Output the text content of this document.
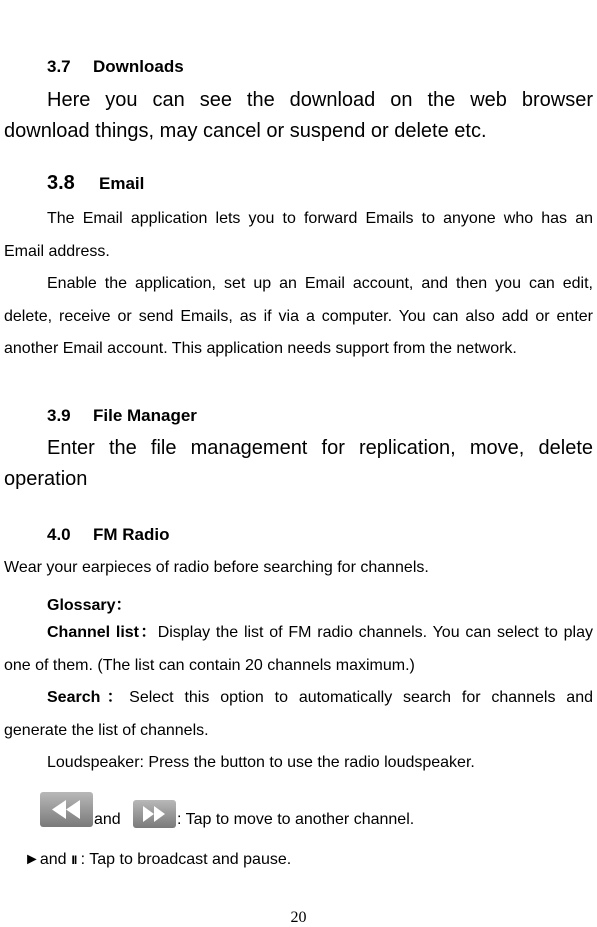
3.7 Downloads
Here you can see the download on the web browser download things, may cancel or suspend or delete etc.
3.8 Email
The Email application lets you to forward Emails to anyone who has an Email address.
Enable the application, set up an Email account, and then you can edit, delete, receive or send Emails, as if via a computer. You can also add or enter another Email account. This application needs support from the network.
3.9 File Manager
Enter the file management for replication, move, delete operation
4.0 FM Radio
Wear your earpieces of radio before searching for channels.
Glossary：
Channel list：Display the list of FM radio channels. You can select to play one of them. (The list can contain 20 channels maximum.)
Search：Select this option to automatically search for channels and generate the list of channels.
Loudspeaker: Press the button to use the radio loudspeaker.
and	: Tap to move to another channel.
►and II : Tap to broadcast and pause.
20
